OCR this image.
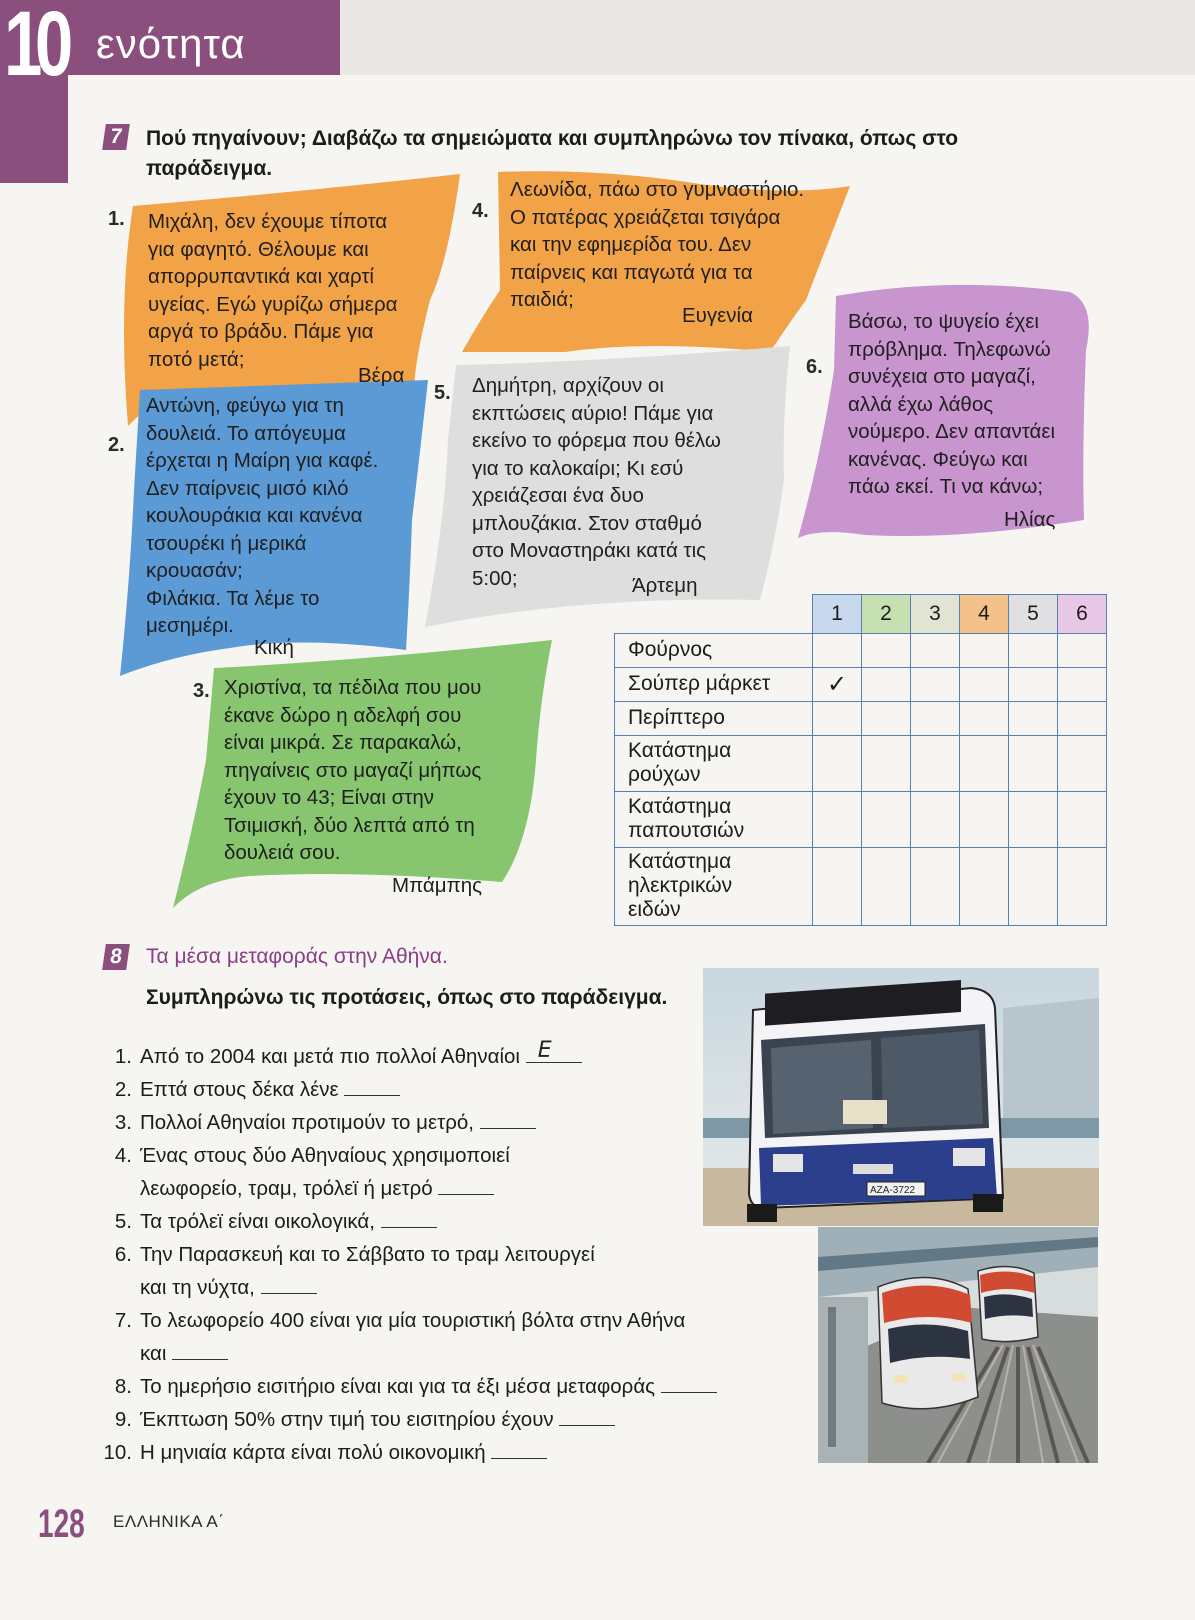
10 ενότητα
7 Πού πηγαίνουν; Διαβάζω τα σημειώματα και συμπληρώνω τον πίνακα, όπως στο
παράδειγμα.
1. Μιχάλη, δεν έχουμε τίποτα
για φαγητό. Θέλουμε και
απορρυπαντικά και χαρτί
υγείας. Εγώ γυρίζω σήμερα
αργά το βράδυ. Πάμε για
ποτό μετά;
Βέρα
2.
Αντώνη, φεύγω για τη
δουλειά. Το απόγευμα
έρχεται η Μαίρη για καφέ.
Δεν παίρνεις μισό κιλό
κουλουράκια και κανένα
τσουρέκι ή μερικά
κρουασάν;
Φιλάκια. Τα λέμε το
μεσημέρι.
Κική
3. Χριστίνα, τα πέδιλα που μου
έκανε δώρο η αδελφή σου
είναι μικρά. Σε παρακαλώ,
πηγαίνεις στο μαγαζί μήπως
έχουν το 43; Είναι στην
Τσιμισκή, δύο λεπτά από τη
δουλειά σου.
Μπάμπης
4.
Λεωνίδα, πάω στο γυμναστήριο.
Ο πατέρας χρειάζεται τσιγάρα
και την εφημερίδα του. Δεν
παίρνεις και παγωτά για τα
παιδιά;
Ευγενία
5. Δημήτρη, αρχίζουν οι
εκπτώσεις αύριο! Πάμε για
εκείνο το φόρεμα που θέλω
για το καλοκαίρι; Κι εσύ
χρειάζεσαι ένα δυο
μπλουζάκια. Στον σταθμό
στο Μοναστηράκι κατά τις
5:00;	Άρτεμη
6.
Βάσω, το ψυγείο έχει
πρόβλημα. Τηλεφωνώ
συνέχεια στο μαγαζί,
αλλά έχω λάθος
νούμερο. Δεν απαντάει
κανένας. Φεύγω και
πάω εκεί. Τι να κάνω;
Ηλίας
1	2	3	4	5	6

Φούρνος						

Σούπερ μάρκετ	✓					

Περίπτερο						

Κατάστημα
ρούχων						

Κατάστημα
παπουτσιών						

Κατάστημα
ηλεκτρικών
ειδών						

8 Τα μέσα μεταφοράς στην Αθήνα.
Συμπληρώνω τις προτάσεις, όπως στο παράδειγμα.
1. Από το 2004 και μετά πιο πολλοί Αθηναίοι Ε
2. Επτά στους δέκα λένε
3. Πολλοί Αθηναίοι προτιμούν το μετρό,
4. Ένας στους δύο Αθηναίους χρησιμοποιεί
λεωφορείο, τραμ, τρόλεϊ ή μετρό
5. Τα τρόλεϊ είναι οικολογικά,
6. Την Παρασκευή και το Σάββατο το τραμ λειτουργεί
και τη νύχτα,
7. Το λεωφορείο 400 είναι για μία τουριστική βόλτα στην Αθήνα
και
8. Το ημερήσιο εισιτήριο είναι και για τα έξι μέσα μεταφοράς
9. Έκπτωση 50% στην τιμή του εισιτηρίου έχουν
10. Η μηνιαία κάρτα είναι πολύ οικονομική
AZA-3722
128 ΕΛΛΗΝΙΚΑ Α΄
